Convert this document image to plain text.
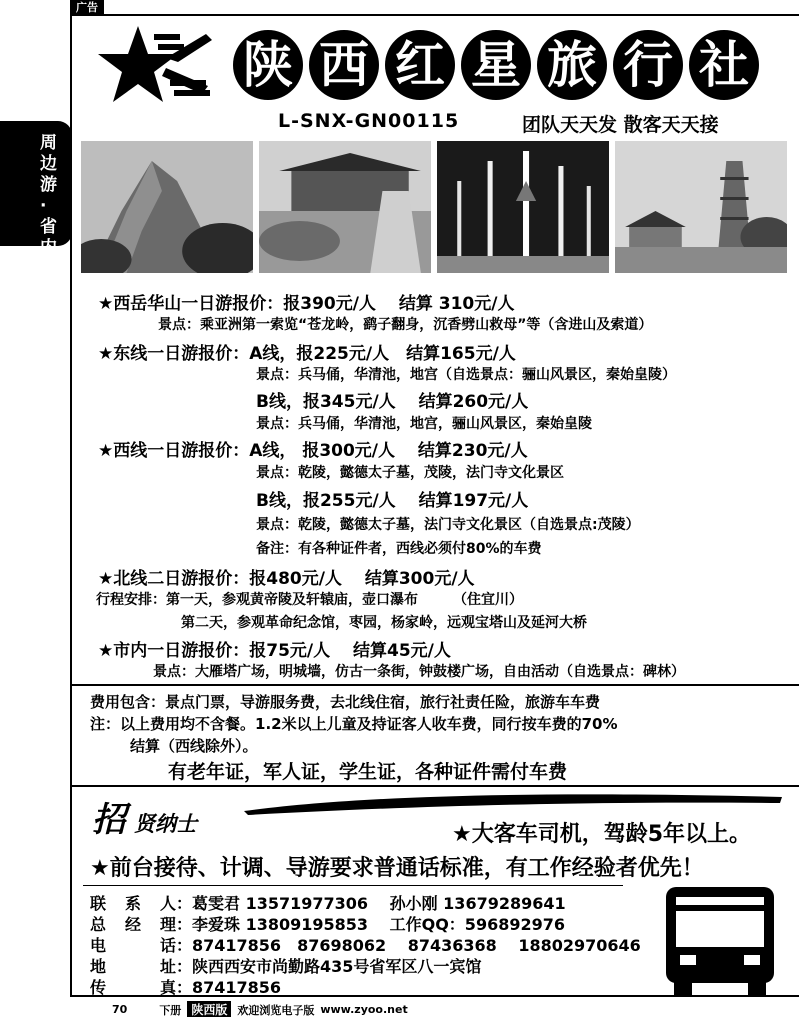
广告
周边游·省内
陕 西 红 星 旅 行 社
L-SNX-GN00115	团队天天发 散客天天接
★西岳华山一日游报价：报390元/人　 结算 310元/人
景点：乘亚洲第一索览“苍龙岭，鹞子翻身，沉香劈山救母”等（含进山及索道）
★东线一日游报价：A线，报225元/人　结算165元/人
景点：兵马俑，华清池，地宫（自选景点：骊山风景区，秦始皇陵）
B线，报345元/人　 结算260元/人
景点：兵马俑，华清池，地宫，骊山风景区，秦始皇陵
★西线一日游报价：A线， 报300元/人　 结算230元/人
景点：乾陵，懿德太子墓，茂陵，法门寺文化景区
B线，报255元/人　 结算197元/人
景点：乾陵，懿德太子墓，法门寺文化景区（自选景点:茂陵）
备注：有各种证件者，西线必须付80%的车费
★北线二日游报价：报480元/人　 结算300元/人
行程安排：第一天，参观黄帝陵及轩辕庙，壶口瀑布　　　（住宜川）
第二天，参观革命纪念馆，枣园，杨家岭，远观宝塔山及延河大桥
★市内一日游报价：报75元/人　 结算45元/人
景点：大雁塔广场，明城墙，仿古一条街，钟鼓楼广场，自由活动（自选景点：碑林）
费用包含：景点门票，导游服务费，去北线住宿，旅行社责任险，旅游车车费
注：以上费用均不含餐。1.2米以上儿童及持证客人收车费，同行按车费的70%
结算（西线除外）。
有老年证，军人证，学生证，各种证件需付车费
招贤纳士	★大客车司机，驾龄5年以上。
★前台接待、计调、导游要求普通话标准，有工作经验者优先！
联 系 人： 葛雯君 13571977306　 孙小刚 13679289641
总 经 理： 李爱珠 13809195853　 工作QQ：596892976
电	话： 87417856　87698062　 87436368　 18802970646
地	址： 陕西西安市尚勤路435号省军区八一宾馆
传	真： 87417856
70	下册 陕西版 欢迎浏览电子版 www.zyoo.net
